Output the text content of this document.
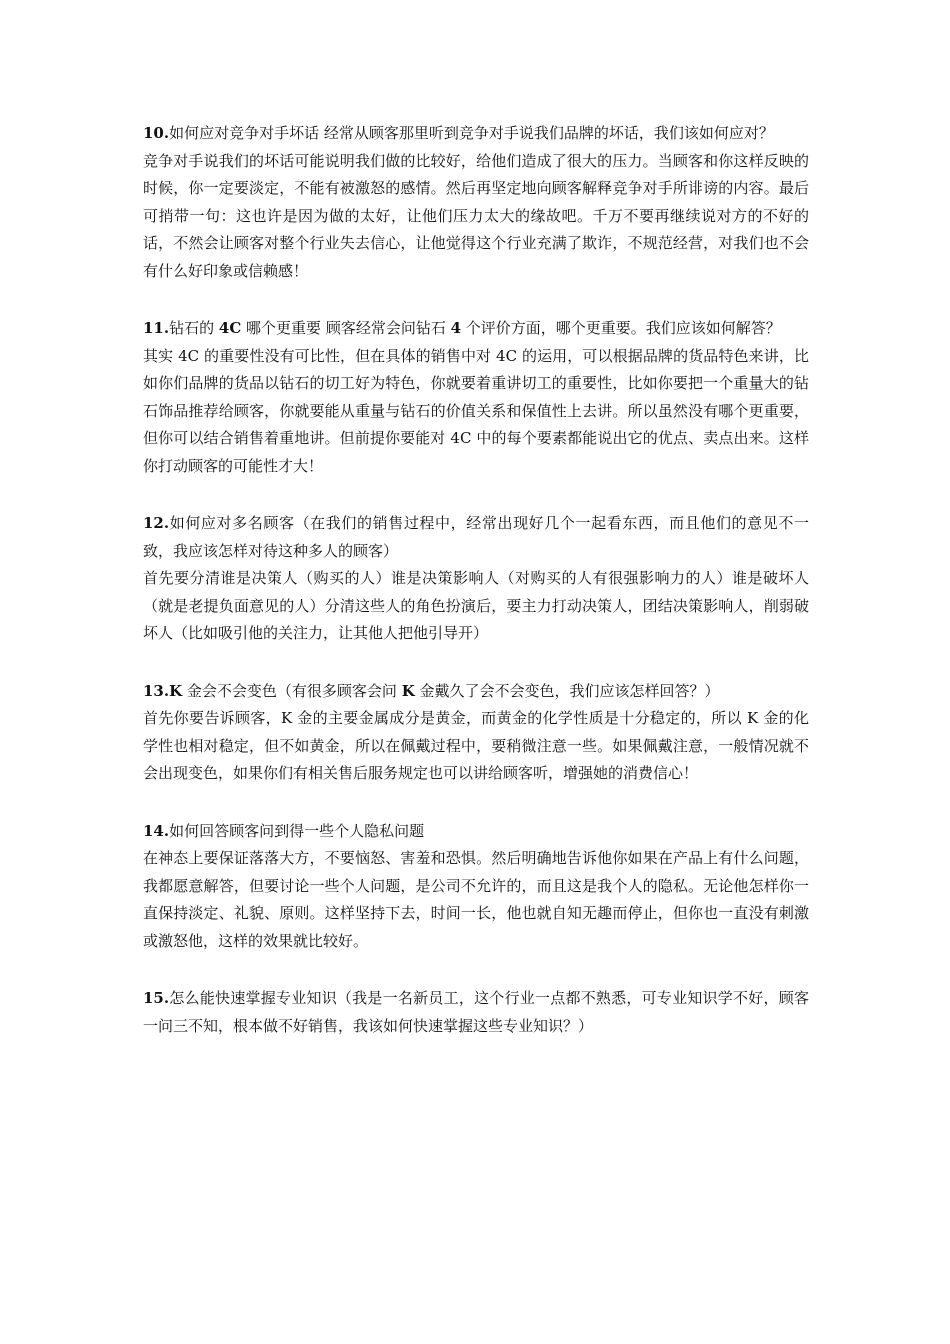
10.如何应对竞争对手坏话 经常从顾客那里听到竞争对手说我们品牌的坏话，我们该如何应对？

竞争对手说我们的坏话可能说明我们做的比较好，给他们造成了很大的压力。当顾客和你这样反映的时候，你一定要淡定，不能有被激怒的感情。然后再坚定地向顾客解释竞争对手所诽谤的内容。最后可捎带一句：这也许是因为做的太好，让他们压力太大的缘故吧。千万不要再继续说对方的不好的话，不然会让顾客对整个行业失去信心，让他觉得这个行业充满了欺诈，不规范经营，对我们也不会有什么好印象或信赖感！

11.钻石的 4C 哪个更重要 顾客经常会问钻石 4 个评价方面，哪个更重要。我们应该如何解答？

其实 4C 的重要性没有可比性，但在具体的销售中对 4C 的运用，可以根据品牌的货品特色来讲，比如你们品牌的货品以钻石的切工好为特色，你就要着重讲切工的重要性，比如你要把一个重量大的钻石饰品推荐给顾客，你就要能从重量与钻石的价值关系和保值性上去讲。所以虽然没有哪个更重要，但你可以结合销售着重地讲。但前提你要能对 4C 中的每个要素都能说出它的优点、卖点出来。这样你打动顾客的可能性才大！

12.如何应对多名顾客（在我们的销售过程中，经常出现好几个一起看东西，而且他们的意见不一致，我应该怎样对待这种多人的顾客）

首先要分清谁是决策人（购买的人）谁是决策影响人（对购买的人有很强影响力的人）谁是破坏人（就是老提负面意见的人）分清这些人的角色扮演后，要主力打动决策人，团结决策影响人，削弱破坏人（比如吸引他的关注力，让其他人把他引导开）

13.K 金会不会变色（有很多顾客会问 K 金戴久了会不会变色，我们应该怎样回答？）

首先你要告诉顾客，K 金的主要金属成分是黄金，而黄金的化学性质是十分稳定的，所以 K 金的化学性也相对稳定，但不如黄金，所以在佩戴过程中，要稍微注意一些。如果佩戴注意，一般情况就不会出现变色，如果你们有相关售后服务规定也可以讲给顾客听，增强她的消费信心！

14.如何回答顾客问到得一些个人隐私问题

在神态上要保证落落大方，不要恼怒、害羞和恐惧。然后明确地告诉他你如果在产品上有什么问题，我都愿意解答，但要讨论一些个人问题，是公司不允许的，而且这是我个人的隐私。无论他怎样你一直保持淡定、礼貌、原则。这样坚持下去，时间一长，他也就自知无趣而停止，但你也一直没有刺激或激怒他，这样的效果就比较好。

15.怎么能快速掌握专业知识（我是一名新员工，这个行业一点都不熟悉，可专业知识学不好，顾客一问三不知，根本做不好销售，我该如何快速掌握这些专业知识？）
